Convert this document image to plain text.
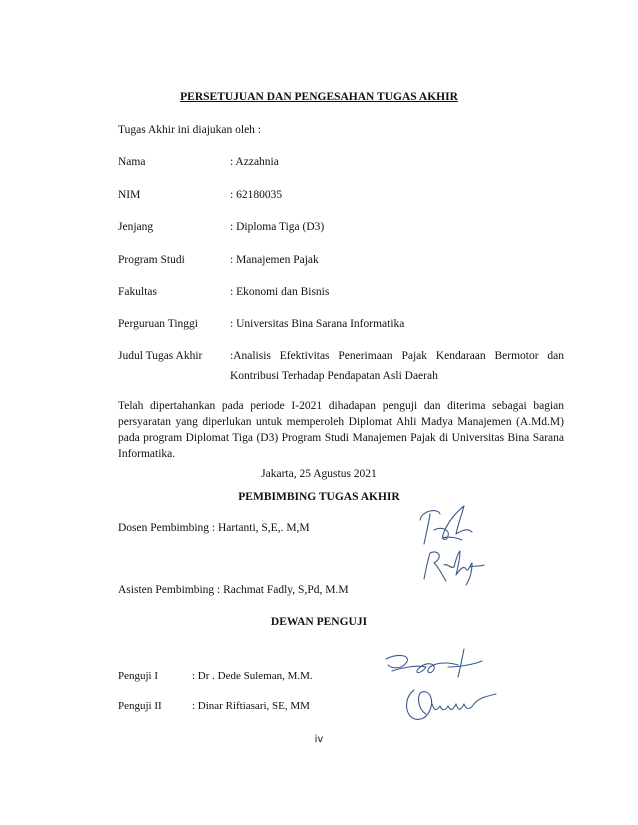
PERSETUJUAN DAN PENGESAHAN TUGAS AKHIR
Tugas Akhir ini diajukan oleh :
Nama	: Azzahnia
NIM	: 62180035
Jenjang	: Diploma Tiga (D3)
Program Studi	: Manajemen Pajak
Fakultas	: Ekonomi dan Bisnis
Perguruan Tinggi	: Universitas Bina Sarana Informatika
Judul Tugas Akhir :Analisis Efektivitas Penerimaan Pajak Kendaraan Bermotor dan
Kontribusi Terhadap Pendapatan Asli Daerah
Telah dipertahankan pada periode I-2021 dihadapan penguji dan diterima sebagai bagian persyaratan yang diperlukan untuk memperoleh Diplomat Ahli Madya Manajemen (A.Md.M) pada program Diplomat Tiga (D3) Program Studi Manajemen Pajak di Universitas Bina Sarana Informatika.
Jakarta, 25 Agustus 2021
PEMBIMBING TUGAS AKHIR
Dosen Pembimbing : Hartanti, S,E,. M,M
Asisten Pembimbing : Rachmat Fadly, S,Pd, M.M
DEWAN PENGUJI
Penguji I	: Dr . Dede Suleman, M.M.
Penguji II	: Dinar Riftiasari, SE, MM
iv
